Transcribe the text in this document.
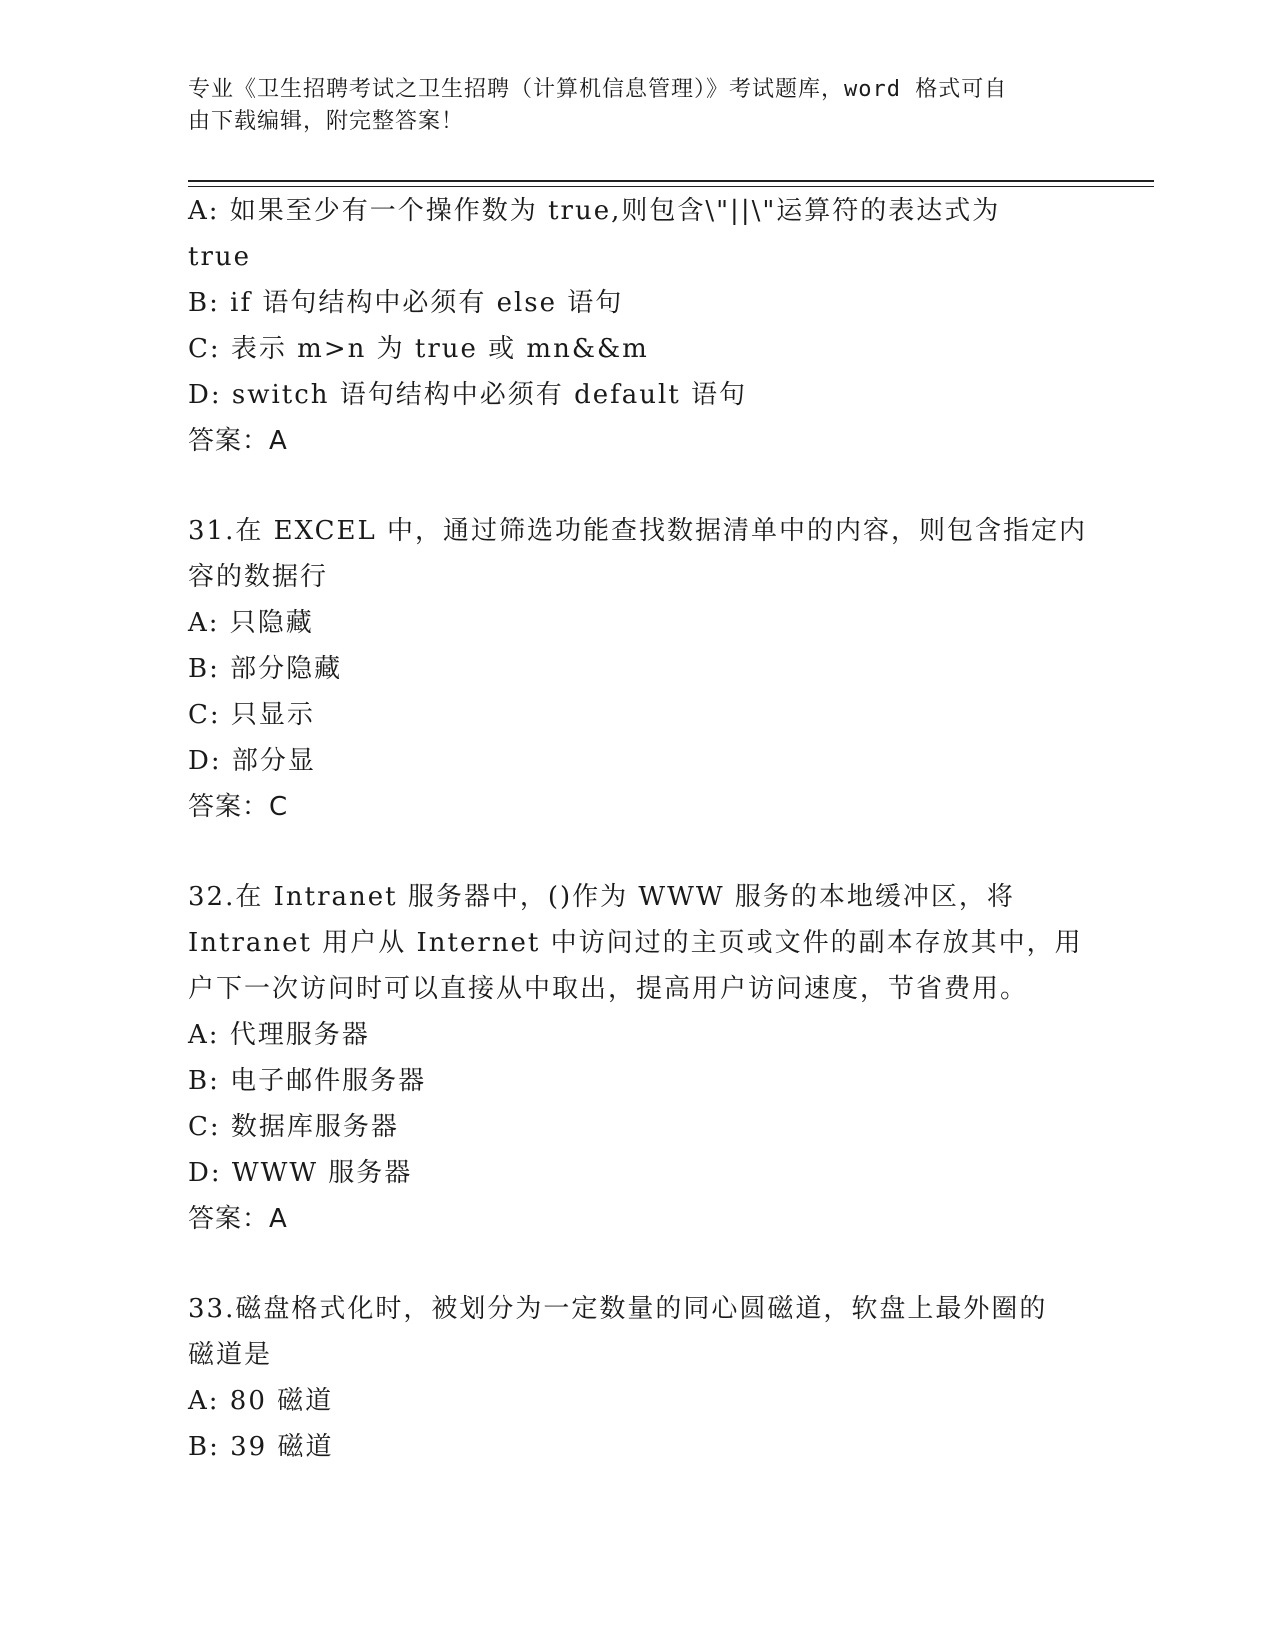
专业《卫生招聘考试之卫生招聘（计算机信息管理）》考试题库，word 格式可自
由下载编辑，附完整答案！
A: 如果至少有一个操作数为 true,则包含\"||\"运算符的表达式为
true
B: if 语句结构中必须有 else 语句
C: 表示 m>n 为 true 或 mn&&m
D: switch 语句结构中必须有 default 语句
答案：A
31.在 EXCEL 中，通过筛选功能查找数据清单中的内容，则包含指定内
容的数据行
A: 只隐藏
B: 部分隐藏
C: 只显示
D: 部分显
答案：C
32.在 Intranet 服务器中，()作为 WWW 服务的本地缓冲区，将
Intranet 用户从 Internet 中访问过的主页或文件的副本存放其中，用
户下一次访问时可以直接从中取出，提高用户访问速度，节省费用。
A: 代理服务器
B: 电子邮件服务器
C: 数据库服务器
D: WWW 服务器
答案：A
33.磁盘格式化时，被划分为一定数量的同心圆磁道，软盘上最外圈的
磁道是
A: 80 磁道
B: 39 磁道
